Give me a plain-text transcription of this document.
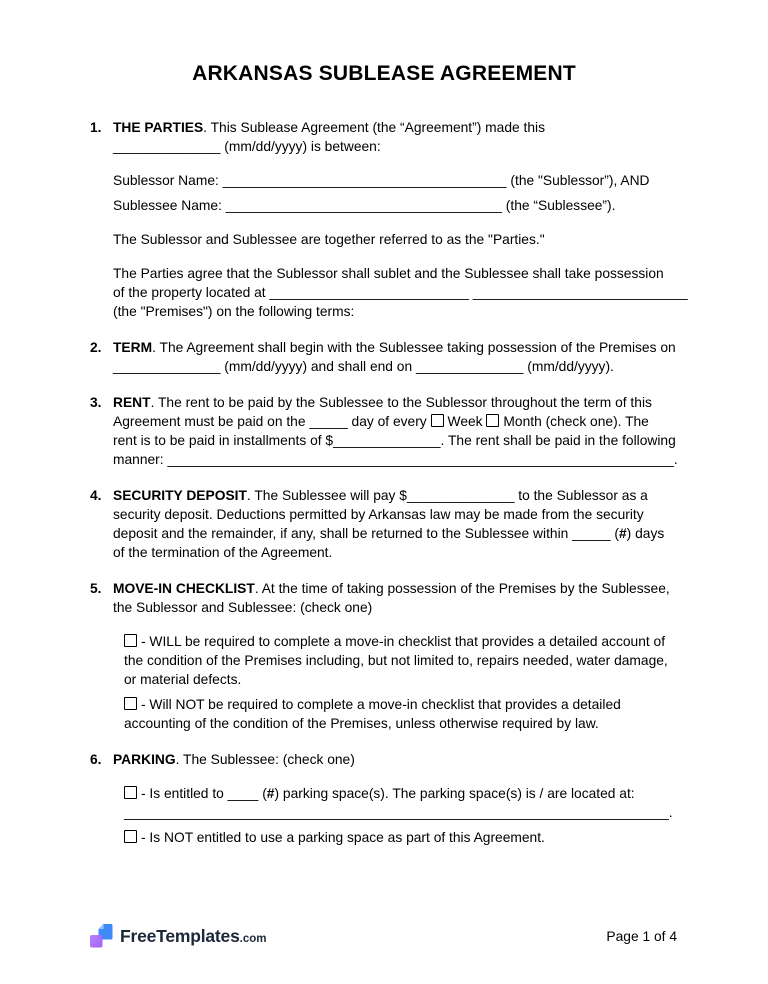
ARKANSAS SUBLEASE AGREEMENT
1. THE PARTIES. This Sublease Agreement (the “Agreement”) made this
______________ (mm/dd/yyyy) is between:
Sublessor Name: _____________________________________ (the "Sublessor”), AND
Sublessee Name: ____________________________________ (the “Sublessee”).
The Sublessor and Sublessee are together referred to as the "Parties."
The Parties agree that the Sublessor shall sublet and the Sublessee shall take possession
of the property located at __________________________ ____________________________
(the "Premises") on the following terms:
2. TERM. The Agreement shall begin with the Sublessee taking possession of the Premises on
______________ (mm/dd/yyyy) and shall end on ______________ (mm/dd/yyyy).
3. RENT. The rent to be paid by the Sublessee to the Sublessor throughout the term of this
Agreement must be paid on the _____ day of every Week Month (check one). The
rent is to be paid in installments of $______________. The rent shall be paid in the following
manner: __________________________________________________________________.
4. SECURITY DEPOSIT. The Sublessee will pay $______________ to the Sublessor as a
security deposit. Deductions permitted by Arkansas law may be made from the security
deposit and the remainder, if any, shall be returned to the Sublessee within _____ (#) days
of the termination of the Agreement.
5. MOVE-IN CHECKLIST. At the time of taking possession of the Premises by the Sublessee,
the Sublessor and Sublessee: (check one)
- WILL be required to complete a move-in checklist that provides a detailed account of
the condition of the Premises including, but not limited to, repairs needed, water damage,
or material defects.
- Will NOT be required to complete a move-in checklist that provides a detailed
accounting of the condition of the Premises, unless otherwise required by law.
6. PARKING. The Sublessee: (check one)
- Is entitled to ____ (#) parking space(s). The parking space(s) is / are located at:
_______________________________________________________________________.
- Is NOT entitled to use a parking space as part of this Agreement.
FreeTemplates .com	Page 1 of 4
